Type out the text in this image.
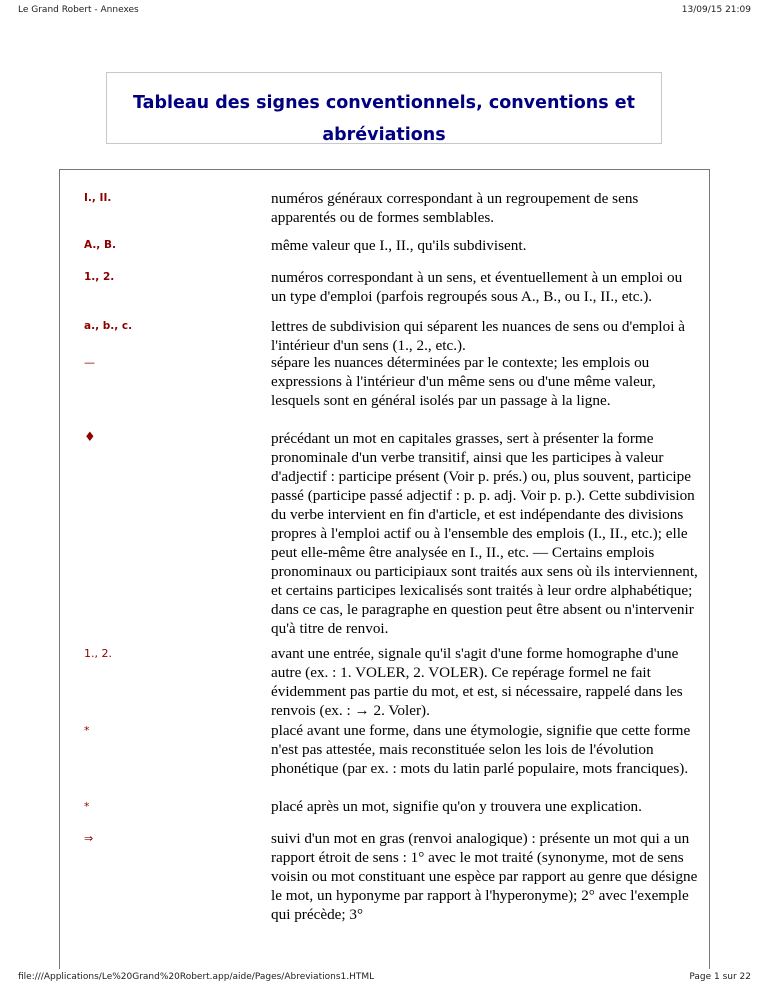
Le Grand Robert - Annexes	13/09/15 21:09
Tableau des signes conventionnels, conventions et abréviations
I., II.	numéros généraux correspondant à un regroupement de sens apparentés ou de formes semblables.
A., B.	même valeur que I., II., qu'ils subdivisent.
1., 2.	numéros correspondant à un sens, et éventuellement à un emploi ou un type d'emploi (parfois regroupés sous A., B., ou I., II., etc.).
a., b., c.	lettres de subdivision qui séparent les nuances de sens ou d'emploi à l'intérieur d'un sens (1., 2., etc.).
—	sépare les nuances déterminées par le contexte; les emplois ou expressions à l'intérieur d'un même sens ou d'une même valeur, lesquels sont en général isolés par un passage à la ligne.
♦	précédant un mot en capitales grasses, sert à présenter la forme pronominale d'un verbe transitif, ainsi que les participes à valeur d'adjectif : participe présent (Voir p. prés.) ou, plus souvent, participe passé (participe passé adjectif : p. p. adj. Voir p. p.). Cette subdivision du verbe intervient en fin d'article, et est indépendante des divisions propres à l'emploi actif ou à l'ensemble des emplois (I., II., etc.); elle peut elle-même être analysée en I., II., etc. — Certains emplois pronominaux ou participiaux sont traités aux sens où ils interviennent, et certains participes lexicalisés sont traités à leur ordre alphabétique; dans ce cas, le paragraphe en question peut être absent ou n'intervenir qu'à titre de renvoi.
1., 2.	avant une entrée, signale qu'il s'agit d'une forme homographe d'une autre (ex. : 1. VOLER, 2. VOLER). Ce repérage formel ne fait évidemment pas partie du mot, et est, si nécessaire, rappelé dans les renvois (ex. : → 2. Voler).
*	placé avant une forme, dans une étymologie, signifie que cette forme n'est pas attestée, mais reconstituée selon les lois de l'évolution phonétique (par ex. : mots du latin parlé populaire, mots franciques).
*	placé après un mot, signifie qu'on y trouvera une explication.
⇒	suivi d'un mot en gras (renvoi analogique) : présente un mot qui a un rapport étroit de sens : 1° avec le mot traité (synonyme, mot de sens voisin ou mot constituant une espèce par rapport au genre que désigne le mot, un hyponyme par rapport à l'hyperonyme); 2° avec l'exemple qui précède; 3°
file:///Applications/Le%20Grand%20Robert.app/aide/Pages/Abreviations1.HTML	Page 1 sur 22
